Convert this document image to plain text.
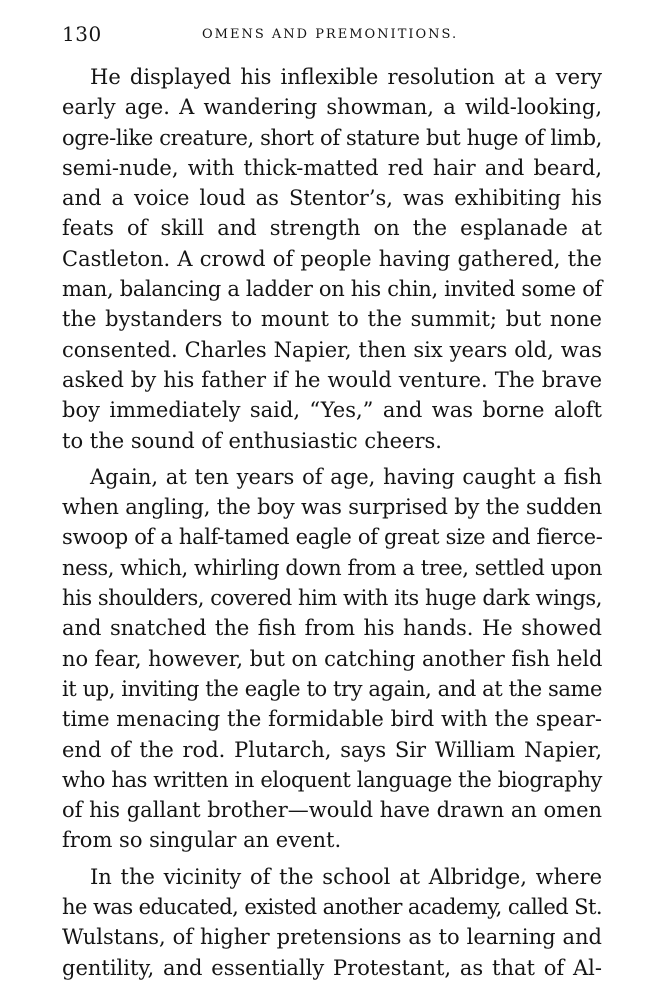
130	OMENS AND PREMONITIONS.
He displayed his inflexible resolution at a very
early age. A wandering showman, a wild-looking,
ogre-like creature, short of stature but huge of limb,
semi-nude, with thick-matted red hair and beard,
and a voice loud as Stentor’s, was exhibiting his
feats of skill and strength on the esplanade at
Castleton. A crowd of people having gathered, the
man, balancing a ladder on his chin, invited some of
the bystanders to mount to the summit; but none
consented. Charles Napier, then six years old, was
asked by his father if he would venture. The brave
boy immediately said, “Yes,” and was borne aloft
to the sound of enthusiastic cheers.
Again, at ten years of age, having caught a fish
when angling, the boy was surprised by the sudden
swoop of a half-tamed eagle of great size and fierce-
ness, which, whirling down from a tree, settled upon
his shoulders, covered him with its huge dark wings,
and snatched the fish from his hands. He showed
no fear, however, but on catching another fish held
it up, inviting the eagle to try again, and at the same
time menacing the formidable bird with the spear-
end of the rod. Plutarch, says Sir William Napier,
who has written in eloquent language the biography
of his gallant brother—would have drawn an omen
from so singular an event.
In the vicinity of the school at Albridge, where
he was educated, existed another academy, called St.
Wulstans, of higher pretensions as to learning and
gentility, and essentially Protestant, as that of Al-
